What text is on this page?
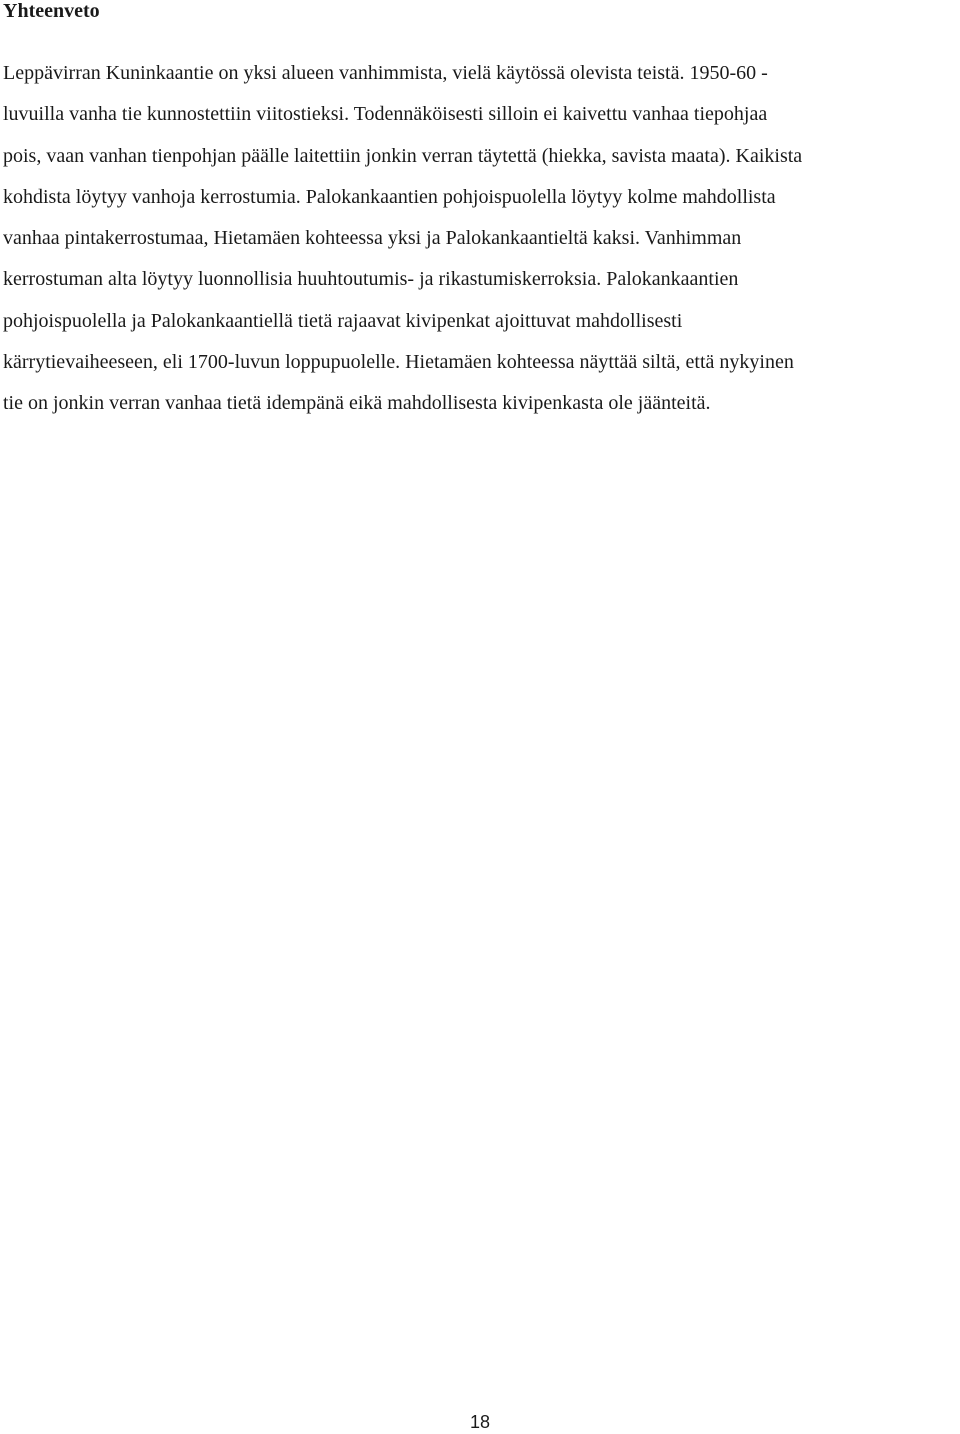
Yhteenveto

Leppävirran Kuninkaantie on yksi alueen vanhimmista, vielä käytössä olevista teistä. 1950-60 -
luvuilla vanha tie kunnostettiin viitostieksi. Todennäköisesti silloin ei kaivettu vanhaa tiepohjaa
pois, vaan vanhan tienpohjan päälle laitettiin jonkin verran täytettä (hiekka, savista maata). Kaikista
kohdista löytyy vanhoja kerrostumia. Palokankaantien pohjoispuolella löytyy kolme mahdollista
vanhaa pintakerrostumaa, Hietamäen kohteessa yksi ja Palokankaantieltä kaksi. Vanhimman
kerrostuman alta löytyy luonnollisia huuhtoutumis- ja rikastumiskerroksia. Palokankaantien
pohjoispuolella ja Palokankaantiellä tietä rajaavat kivipenkat ajoittuvat mahdollisesti
kärrytievaiheeseen, eli 1700-luvun loppupuolelle. Hietamäen kohteessa näyttää siltä, että nykyinen
tie on jonkin verran vanhaa tietä idempänä eikä mahdollisesta kivipenkasta ole jäänteitä.

18
